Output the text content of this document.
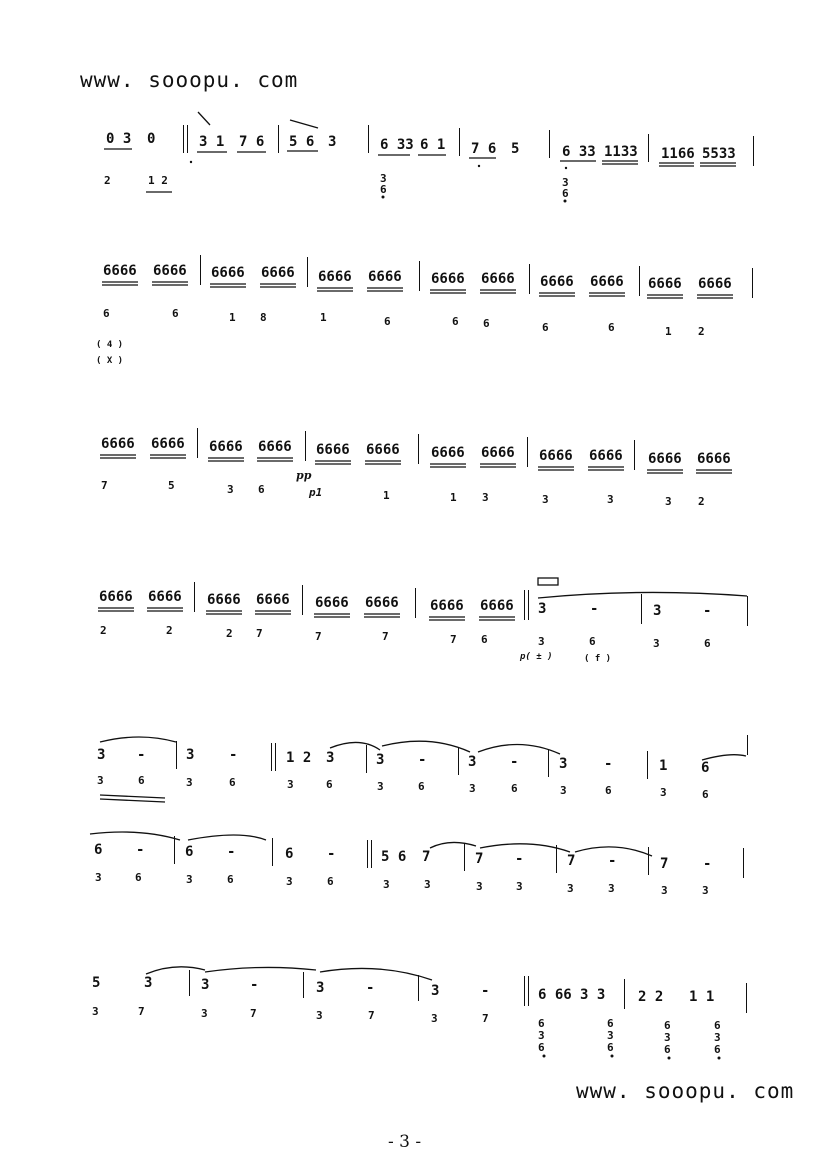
www. sooopu. com
0 3 0	3 1 7 6 5 6 3	6 33 6 1 7 6 5	6 33 1133 1166 5533
2	1 2	3
6
3
6
6666 6666 6666 6666 6666 6666 6666 6666 6666 6666 6666 6666
6	6	1 8	1	6	6 6	6	6	1 2
( 4 )
( X )
6666 6666 6666 6666 6666 6666 6666 6666 6666 6666 6666 6666
pp
7	5	3 6	p1	1	1 3	3	3	3 2
6666 6666 6666 6666 6666 6666 6666 6666 3	-	3	-
2	2	2 7	7	7	7 6	3	6	3	6
p( ± )	( f )
3 -	3 -	1 2 3	3 -	3 -	3	-	1 6
3	6	3	6	3	6	3	6	3	6	3	6	3	6
6 -	6 -	6 -	5 6 7	7 -	7 -	7 -
3	6	3	6	3	6	3	3	3	3	3	3	3	3
5	3	3	-	3	-	3	-	6 66 3 3 2 2 1 1
3	7	3	7	3	7	3	7	6
3
6
6
3
6
6
3
6
6
3
6
www. sooopu. com
- 3 -
